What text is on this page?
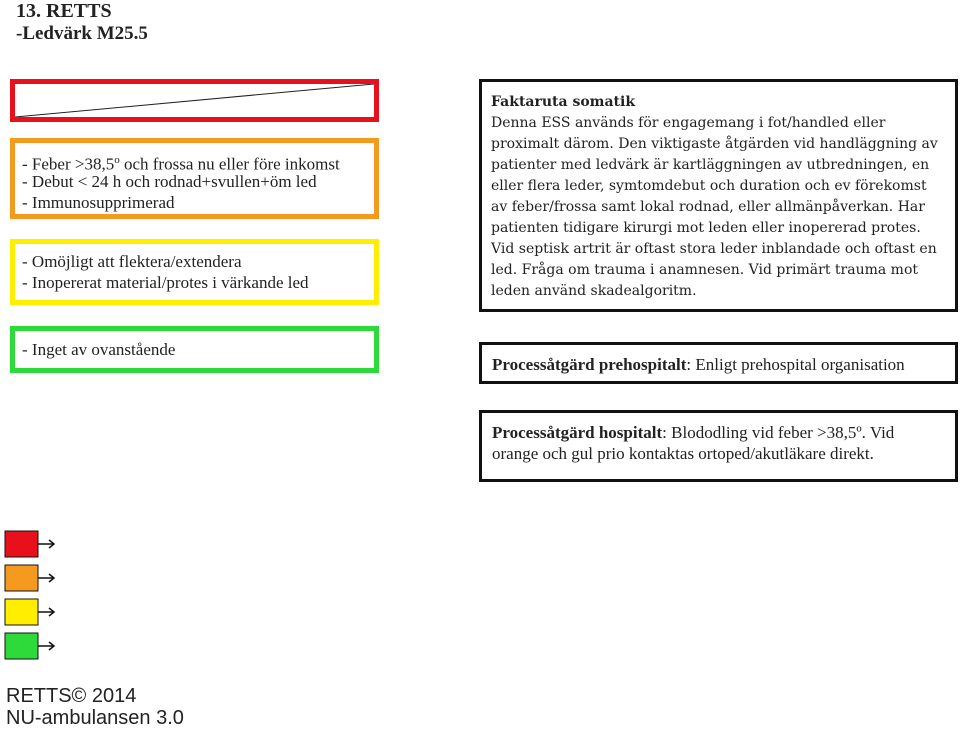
13. RETTS
-Ledvärk M25.5
- Feber $>38,5^o$ och frossa nu eller före inkomst
- Debut < 24 h och rodnad+svullen+öm led
- Immunosupprimerad
- Omöjligt att flektera/extendera
- Inopererat material/protes i värkande led
- Inget av ovanstående
Faktaruta somatik
Denna ESS används för engagemang i fot/handled eller
proximalt därom. Den viktigaste åtgärden vid handläggning av
patienter med ledvärk är kartläggningen av utbredningen, en
eller flera leder, symtomdebut och duration och ev förekomst
av feber/frossa samt lokal rodnad, eller allmänpåverkan. Har
patienten tidigare kirurgi mot leden eller inopererad protes.
Vid septisk artrit är oftast stora leder inblandade och oftast en
led. Fråga om trauma i anamnesen. Vid primärt trauma mot
leden använd skadealgoritm.
Processåtgärd prehospitalt: Enligt prehospital organisation
Processåtgärd hospitalt: Blododling vid feber >38,5º. Vid
orange och gul prio kontaktas ortoped/akutläkare direkt.
RETTS© 2014
NU-ambulansen 3.0
